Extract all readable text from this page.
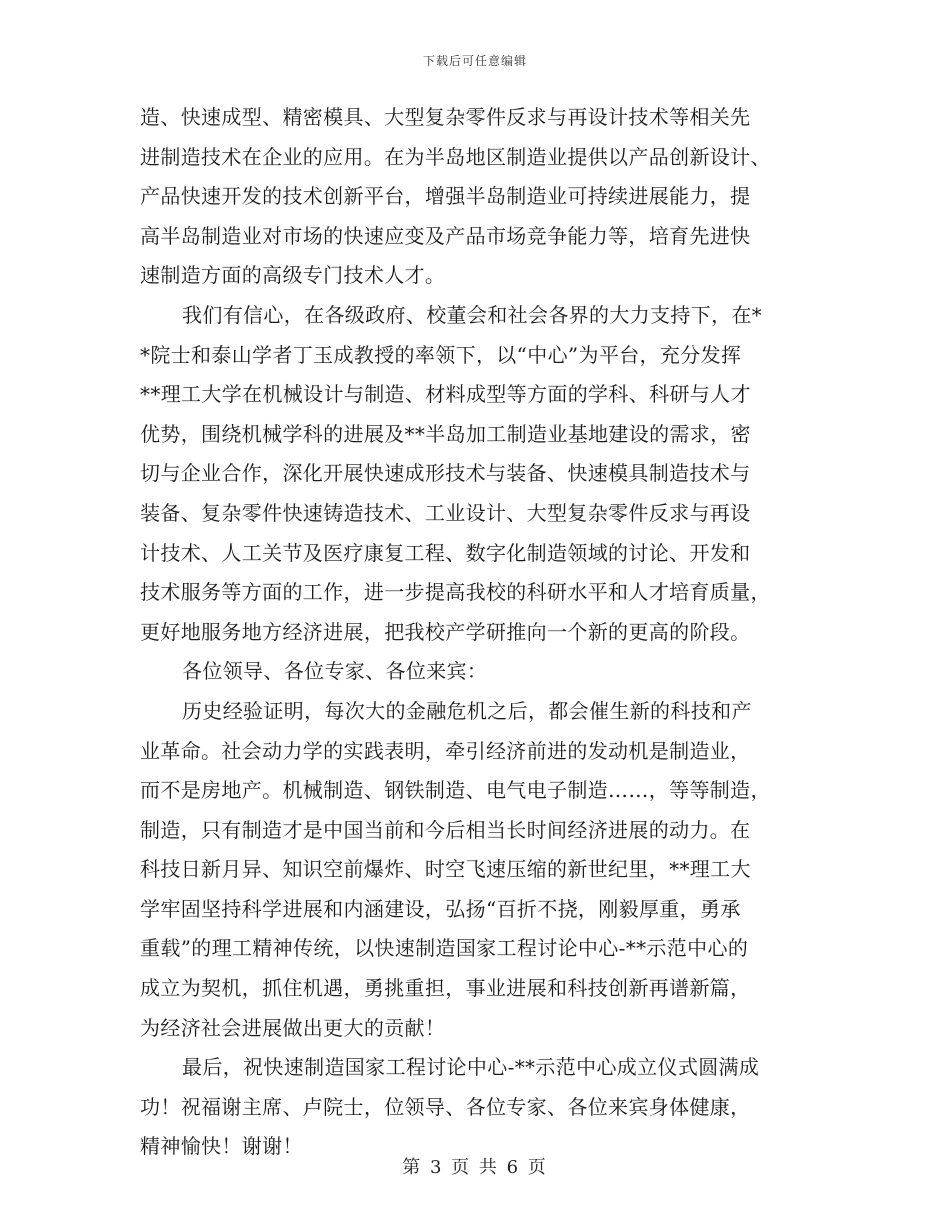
下载后可任意编辑
造、快速成型、精密模具、大型复杂零件反求与再设计技术等相关先
进制造技术在企业的应用。在为半岛地区制造业提供以产品创新设计、
产品快速开发的技术创新平台，增强半岛制造业可持续进展能力，提
高半岛制造业对市场的快速应变及产品市场竞争能力等，培育先进快
速制造方面的高级专门技术人才。
我们有信心，在各级政府、校董会和社会各界的大力支持下，在*
*院士和泰山学者丁玉成教授的率领下，以“中心”为平台，充分发挥
**理工大学在机械设计与制造、材料成型等方面的学科、科研与人才
优势，围绕机械学科的进展及**半岛加工制造业基地建设的需求，密
切与企业合作，深化开展快速成形技术与装备、快速模具制造技术与
装备、复杂零件快速铸造技术、工业设计、大型复杂零件反求与再设
计技术、人工关节及医疗康复工程、数字化制造领域的讨论、开发和
技术服务等方面的工作，进一步提高我校的科研水平和人才培育质量，
更好地服务地方经济进展，把我校产学研推向一个新的更高的阶段。
各位领导、各位专家、各位来宾：
历史经验证明，每次大的金融危机之后，都会催生新的科技和产
业革命。社会动力学的实践表明，牵引经济前进的发动机是制造业，
而不是房地产。机械制造、钢铁制造、电气电子制造……，等等制造，
制造，只有制造才是中国当前和今后相当长时间经济进展的动力。在
科技日新月异、知识空前爆炸、时空飞速压缩的新世纪里，**理工大
学牢固坚持科学进展和内涵建设，弘扬“百折不挠，刚毅厚重，勇承
重载”的理工精神传统，以快速制造国家工程讨论中心-**示范中心的
成立为契机，抓住机遇，勇挑重担，事业进展和科技创新再谱新篇，
为经济社会进展做出更大的贡献！
最后，祝快速制造国家工程讨论中心-**示范中心成立仪式圆满成
功！祝福谢主席、卢院士，位领导、各位专家、各位来宾身体健康，
精神愉快！谢谢！
第 3 页 共 6 页
